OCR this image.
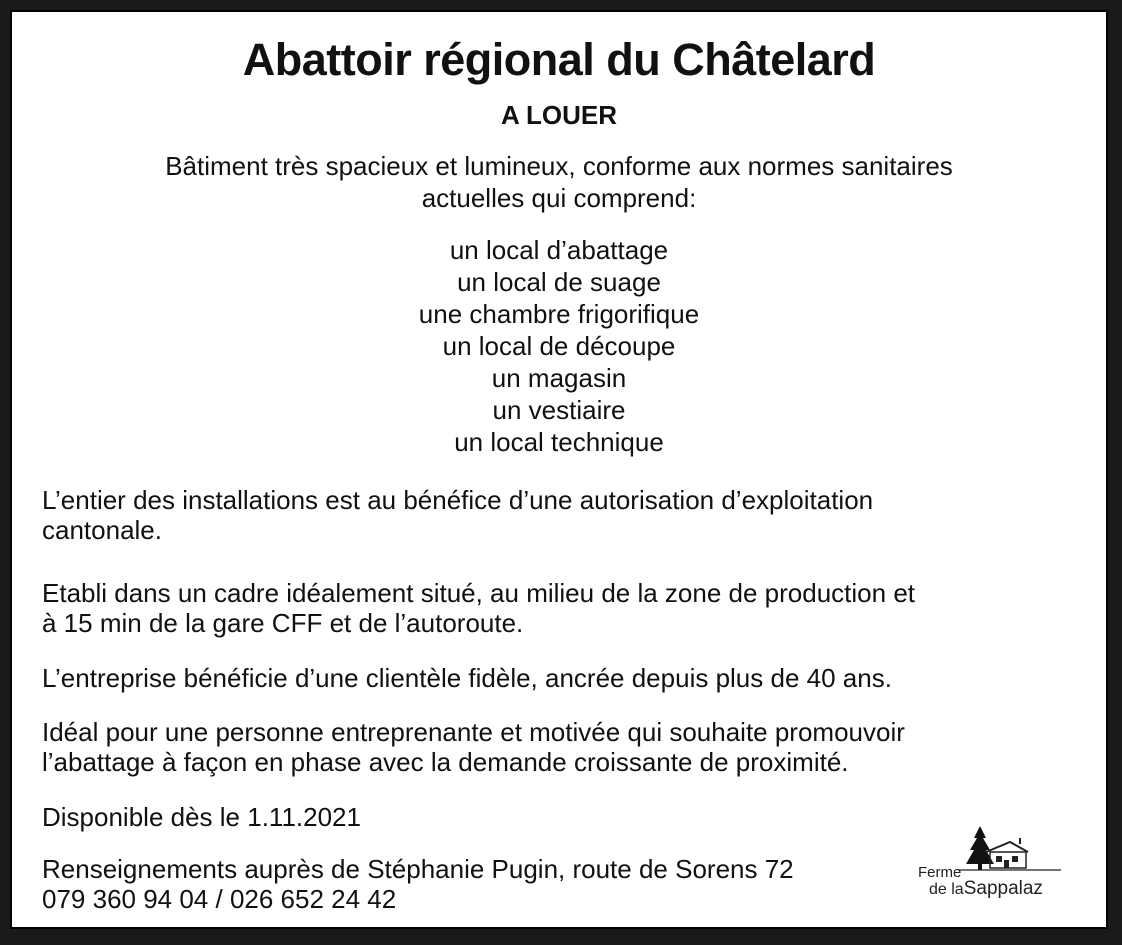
Abattoir régional du Châtelard
A LOUER

Bâtiment très spacieux et lumineux, conforme aux normes sanitaires
actuelles qui comprend:

un local d’abattage
un local de suage
une chambre frigorifique
un local de découpe
un magasin
un vestiaire
un local technique

L’entier des installations est au bénéfice d’une autorisation d’exploitation
cantonale.

Etabli dans un cadre idéalement situé, au milieu de la zone de production et
à 15 min de la gare CFF et de l’autoroute.

L’entreprise bénéficie d’une clientèle fidèle, ancrée depuis plus de 40 ans.

Idéal pour une personne entreprenante et motivée qui souhaite promouvoir
l’abattage à façon en phase avec la demande croissante de proximité.

Disponible dès le 1.11.2021

Renseignements auprès de Stéphanie Pugin, route de Sorens 72
079 360 94 04 / 026 652 24 42

Ferme
de laSappalaz
